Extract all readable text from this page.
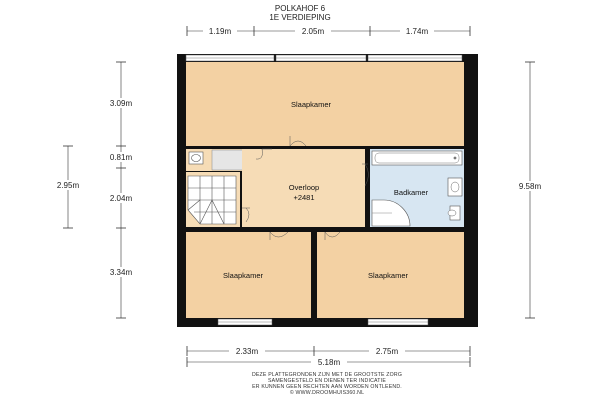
POLKAHOF 6
1E VERDIEPING
1.19m	2.05m	1.74m
2.95m
3.09m
0.81m
2.04m
3.34m
9.58m
Slaapkamer
Overloop
+2481
Badkamer
Slaapkamer	Slaapkamer
2.33m	2.75m
5.18m
DEZE PLATTEGRONDEN ZIJN MET DE GROOTSTE ZORG
SAMENGESTELD EN DIENEN TER INDICATIE
ER KUNNEN GEEN RECHTEN AAN WORDEN ONTLEEND.
© WWW.DROOMHUIS360.NL
